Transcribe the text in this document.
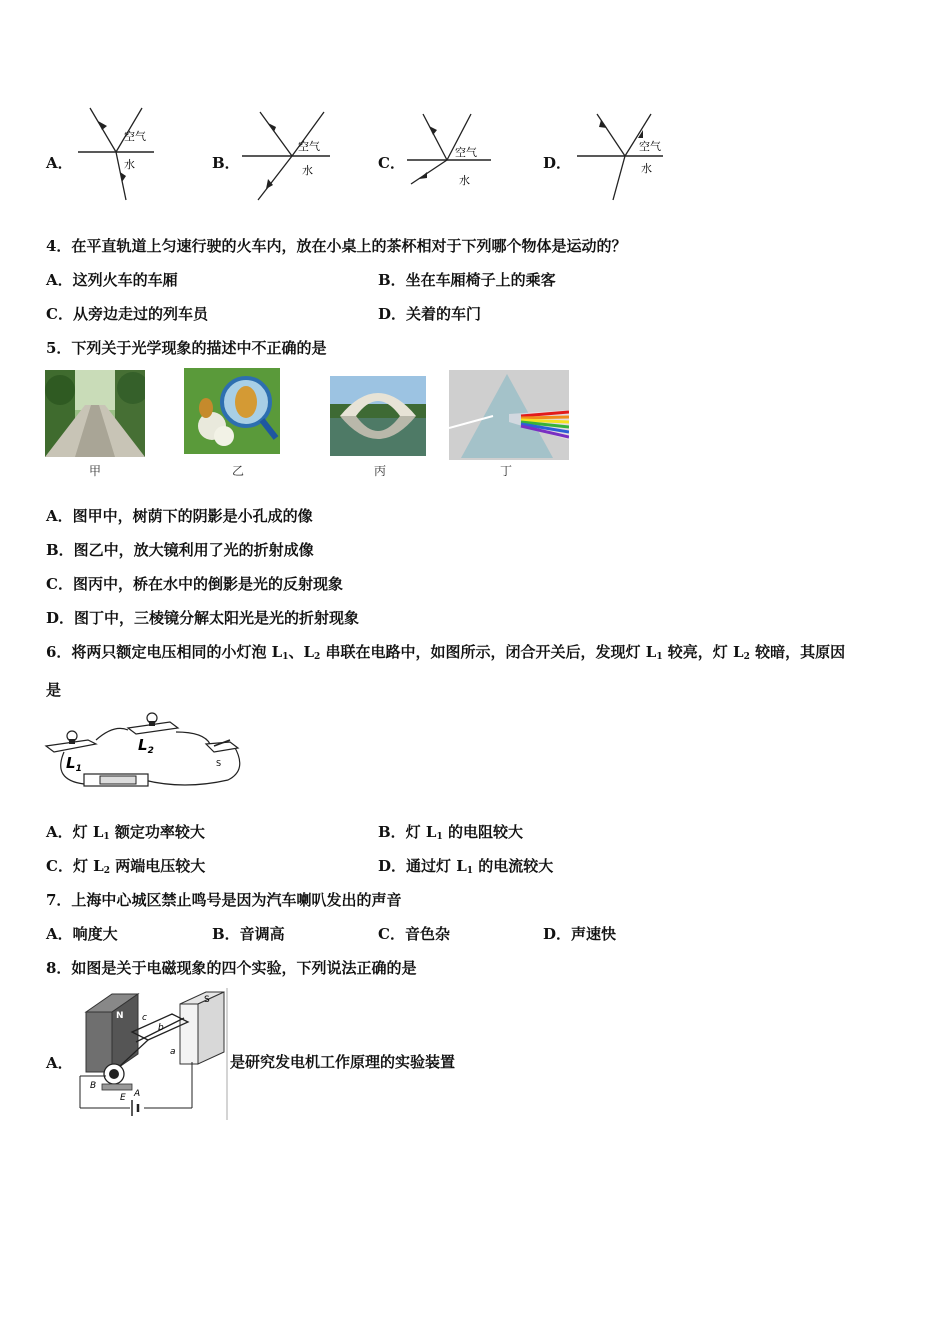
A．
空气
水	B．
空气
水	C．
空气
水
D．
空气
水
4．在平直轨道上匀速行驶的火车内，放在小桌上的茶杯相对于下列哪个物体是运动的？
A．这列火车的车厢	B．坐在车厢椅子上的乘客
C．从旁边走过的列车员	D．关着的车门
5．下列关于光学现象的描述中不正确的是
甲	乙	丙	丁
A．图甲中，树荫下的阴影是小孔成的像
B．图乙中，放大镜利用了光的折射成像
C．图丙中，桥在水中的倒影是光的反射现象
D．图丁中，三棱镜分解太阳光是光的折射现象
6．将两只额定电压相同的小灯泡 $L_1$、$L_2$ 串联在电路中，如图所示，闭合开关后，发现灯 $L_1$ 较亮，灯 $L_2$ 较暗，其原因
是
$L_1$
$L_2$
S
A．灯 $L_1$ 额定功率较大	B．灯 $L_1$ 的电阻较大
C．灯 $L_2$ 两端电压较大	D．通过灯 $L_1$ 的电流较大
7．上海中心城区禁止鸣号是因为汽车喇叭发出的声音
A．响度大	B．音调高	C．音色杂	D．声速快
8．如图是关于电磁现象的四个实验，下列说法正确的是
A．
B
E A
a
b
c
N
S
是研究发电机工作原理的实验装置
